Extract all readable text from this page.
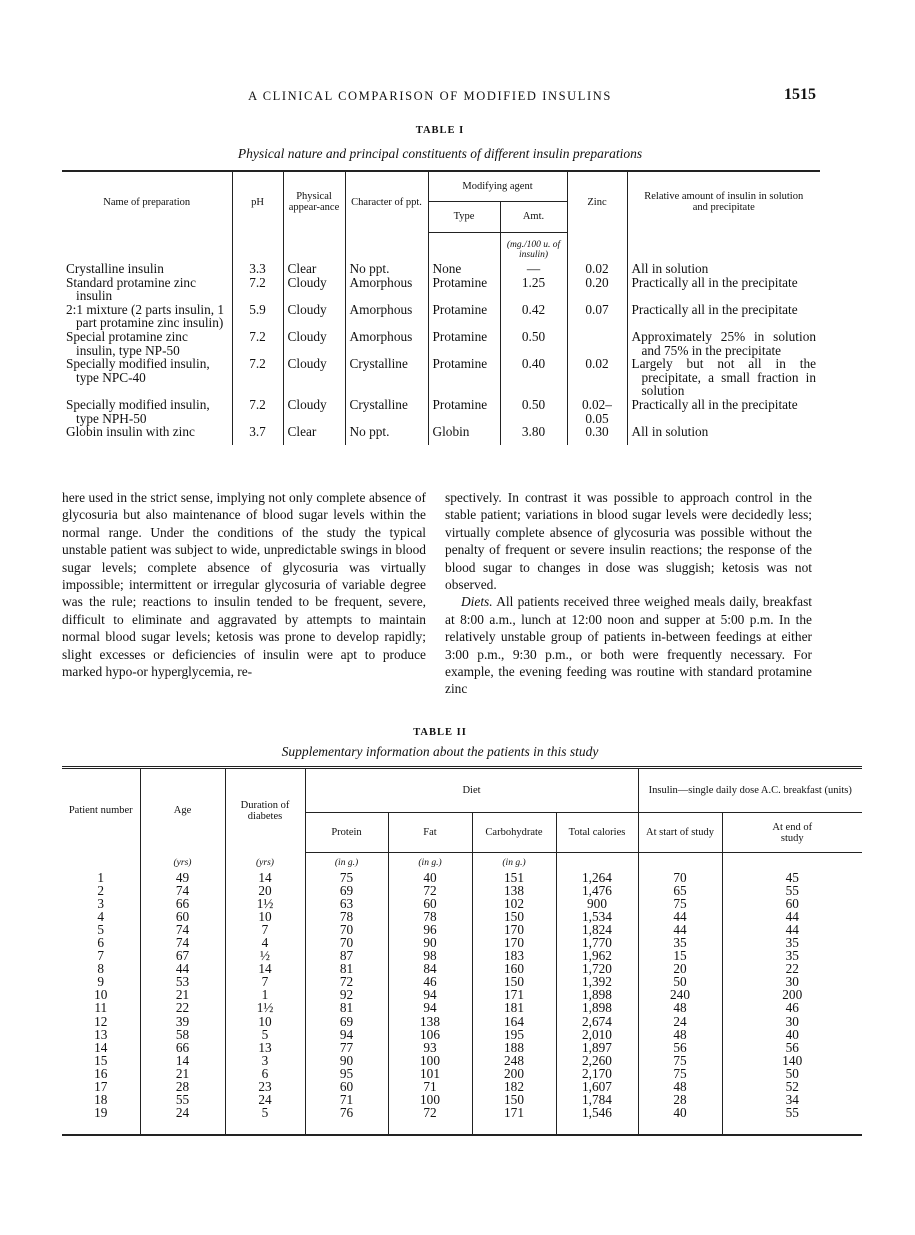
A CLINICAL COMPARISON OF MODIFIED INSULINS	1515
TABLE I
Physical nature and principal constituents of different insulin preparations
Name of preparation	pH	Physical appear-ance	Character of ppt.	Modifying agent		Zinc	Relative amount of insulin in solution and precipitate
				Type	Amt.		
					(mg./100 u. of insulin)		
Crystalline insulin	3.3	Clear	No ppt.	None	—	0.02	All in solution
Standard protamine zinc insulin	7.2	Cloudy	Amorphous	Protamine	1.25	0.20	Practically all in the precipitate
2:1 mixture (2 parts insulin, 1 part protamine zinc insulin)	5.9	Cloudy	Amorphous	Protamine	0.42	0.07	Practically all in the precipitate
Special protamine zinc insulin, type NP-50	7.2	Cloudy	Amorphous	Protamine	0.50		Approximately 25% in solution and 75% in the precipitate
Specially modified insulin, type NPC-40	7.2	Cloudy	Crystalline	Protamine	0.40	0.02	Largely but not all in the precipitate, a small fraction in solution
Specially modified insulin, type NPH-50	7.2	Cloudy	Crystalline	Protamine	0.50	0.02–0.05	Practically all in the precipitate
Globin insulin with zinc	3.7	Clear	No ppt.	Globin	3.80	0.30	All in solution

here used in the strict sense, implying not only complete absence of glycosuria but also maintenance of blood sugar levels within the normal range. Under the conditions of the study the typical unstable patient was subject to wide, unpredictable swings in blood sugar levels; complete absence of glycosuria was virtually impossible; intermittent or irregular glycosuria of variable degree was the rule; reactions to insulin tended to be frequent, severe, difficult to eliminate and aggravated by attempts to maintain normal blood sugar levels; ketosis was prone to develop rapidly; slight excesses or deficiencies of insulin were apt to produce marked hypo-or hyperglycemia, re-

spectively. In contrast it was possible to approach control in the stable patient; variations in blood sugar levels were decidedly less; virtually complete absence of glycosuria was possible without the penalty of frequent or severe insulin reactions; the response of the blood sugar to changes in dose was sluggish; ketosis was not observed.

Diets. All patients received three weighed meals daily, breakfast at 8:00 a.m., lunch at 12:00 noon and supper at 5:00 p.m. In the relatively unstable group of patients in-between feedings at either 3:00 p.m., 9:30 p.m., or both were frequently necessary. For example, the evening feeding was routine with standard protamine zinc

TABLE II
Supplementary information about the patients in this study
Patient number	Age	Duration of diabetes	Diet				Insulin—single daily dose A.C. breakfast (units)	
			Protein	Fat	Carbohydrate	Total calories	At start of study	At end of study
	(yrs)	(yrs)	(in g.)	(in g.)	(in g.)			
1	49	14	75	40	151	1,264	70	45
2	74	20	69	72	138	1,476	65	55
3	66	1½	63	60	102	900	75	60
4	60	10	78	78	150	1,534	44	44
5	74	7	70	96	170	1,824	44	44
6	74	4	70	90	170	1,770	35	35
7	67	½	87	98	183	1,962	15	35
8	44	14	81	84	160	1,720	20	22
9	53	7	72	46	150	1,392	50	30
10	21	1	92	94	171	1,898	240	200
11	22	1½	81	94	181	1,898	48	46
12	39	10	69	138	164	2,674	24	30
13	58	5	94	106	195	2,010	48	40
14	66	13	77	93	188	1,897	56	56
15	14	3	90	100	248	2,260	75	140
16	21	6	95	101	200	2,170	75	50
17	28	23	60	71	182	1,607	48	52
18	55	24	71	100	150	1,784	28	34
19	24	5	76	72	171	1,546	40	55
